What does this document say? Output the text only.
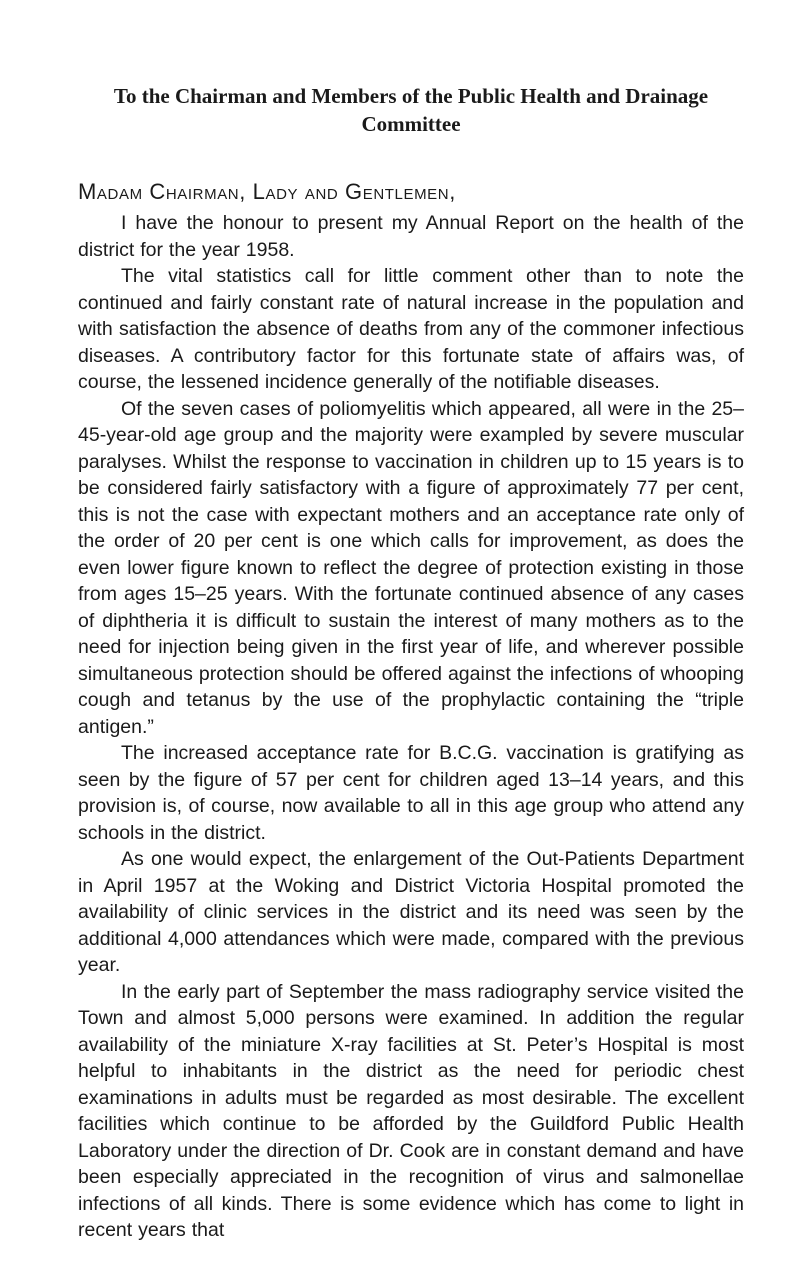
To the Chairman and Members of the Public Health and Drainage
Committee

Madam Chairman, Lady and Gentlemen,

I have the honour to present my Annual Report on the health of the district for the year 1958.

The vital statistics call for little comment other than to note the continued and fairly constant rate of natural increase in the population and with satisfaction the absence of deaths from any of the commoner infectious diseases. A contributory factor for this fortunate state of affairs was, of course, the lessened incidence generally of the notifiable diseases.

Of the seven cases of poliomyelitis which appeared, all were in the 25–45-year-old age group and the majority were exampled by severe muscular paralyses. Whilst the response to vaccination in children up to 15 years is to be considered fairly satisfactory with a figure of approximately 77 per cent, this is not the case with expectant mothers and an acceptance rate only of the order of 20 per cent is one which calls for improvement, as does the even lower figure known to reflect the degree of protection existing in those from ages 15–25 years. With the fortunate continued absence of any cases of diphtheria it is difficult to sustain the interest of many mothers as to the need for injection being given in the first year of life, and wherever possible simultaneous protection should be offered against the infections of whooping cough and tetanus by the use of the prophylactic containing the “triple antigen.”

The increased acceptance rate for B.C.G. vaccination is gratifying as seen by the figure of 57 per cent for children aged 13–14 years, and this provision is, of course, now available to all in this age group who attend any schools in the district.

As one would expect, the enlargement of the Out-Patients Department in April 1957 at the Woking and District Victoria Hospital promoted the availability of clinic services in the district and its need was seen by the additional 4,000 attendances which were made, compared with the previous year.

In the early part of September the mass radiography service visited the Town and almost 5,000 persons were examined. In addition the regular availability of the miniature X-ray facilities at St. Peter’s Hospital is most helpful to inhabitants in the district as the need for periodic chest examinations in adults must be regarded as most desirable. The excellent facilities which continue to be afforded by the Guildford Public Health Laboratory under the direction of Dr. Cook are in constant demand and have been especially appreciated in the recognition of virus and salmonellae infections of all kinds. There is some evidence which has come to light in recent years that
